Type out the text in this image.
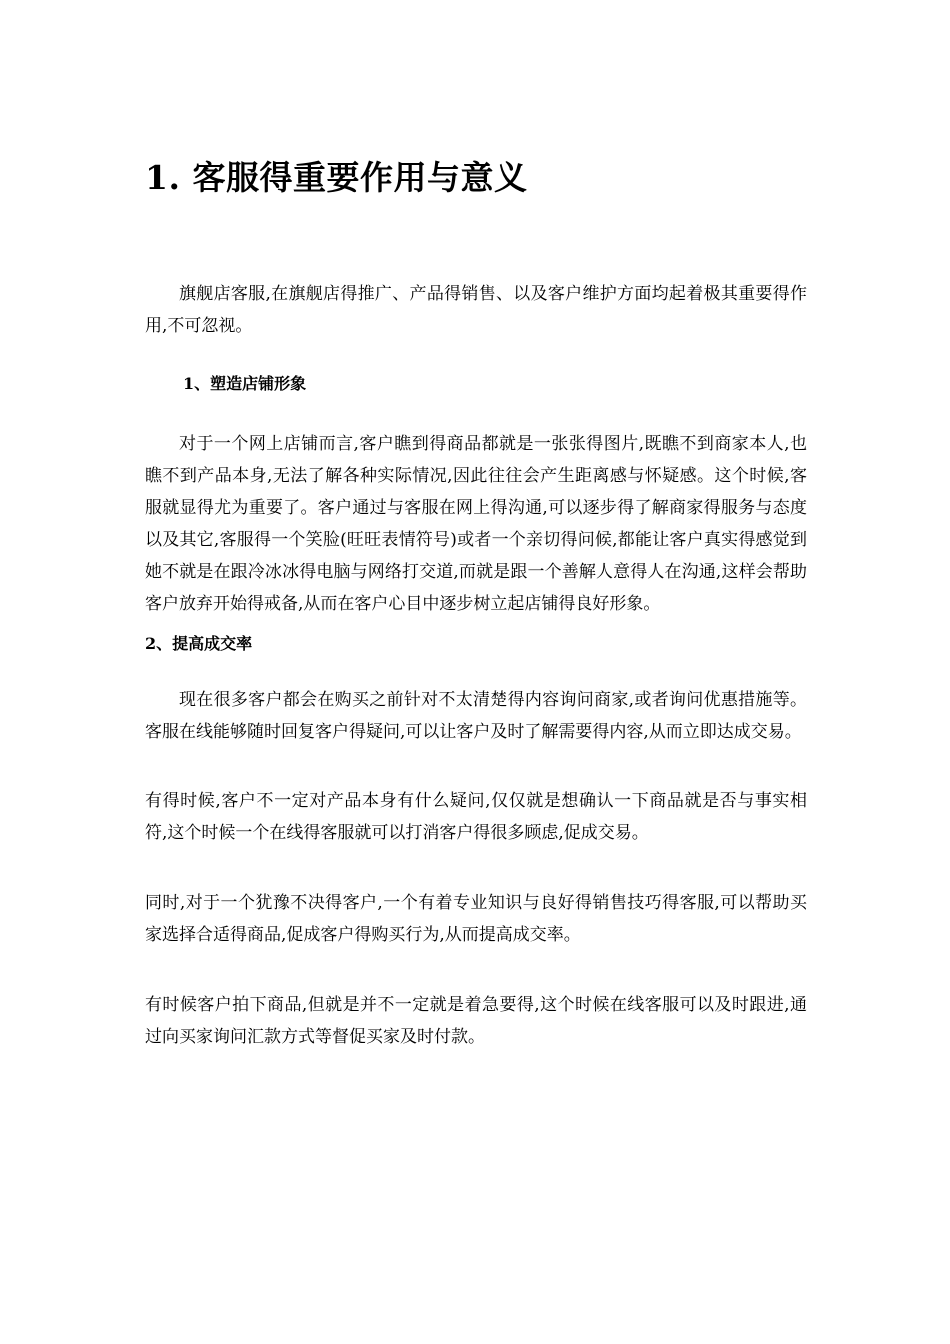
1. 客服得重要作用与意义

旗舰店客服,在旗舰店得推广、产品得销售、以及客户维护方面均起着极其重要得作用,不可忽视。

1、塑造店铺形象

对于一个网上店铺而言,客户瞧到得商品都就是一张张得图片,既瞧不到商家本人,也瞧不到产品本身,无法了解各种实际情况,因此往往会产生距离感与怀疑感。这个时候,客服就显得尤为重要了。客户通过与客服在网上得沟通,可以逐步得了解商家得服务与态度以及其它,客服得一个笑脸(旺旺表情符号)或者一个亲切得问候,都能让客户真实得感觉到她不就是在跟冷冰冰得电脑与网络打交道,而就是跟一个善解人意得人在沟通,这样会帮助客户放弃开始得戒备,从而在客户心目中逐步树立起店铺得良好形象。

2、提高成交率

现在很多客户都会在购买之前针对不太清楚得内容询问商家,或者询问优惠措施等。客服在线能够随时回复客户得疑问,可以让客户及时了解需要得内容,从而立即达成交易。

有得时候,客户不一定对产品本身有什么疑问,仅仅就是想确认一下商品就是否与事实相符,这个时候一个在线得客服就可以打消客户得很多顾虑,促成交易。

同时,对于一个犹豫不决得客户,一个有着专业知识与良好得销售技巧得客服,可以帮助买家选择合适得商品,促成客户得购买行为,从而提高成交率。

有时候客户拍下商品,但就是并不一定就是着急要得,这个时候在线客服可以及时跟进,通过向买家询问汇款方式等督促买家及时付款。
